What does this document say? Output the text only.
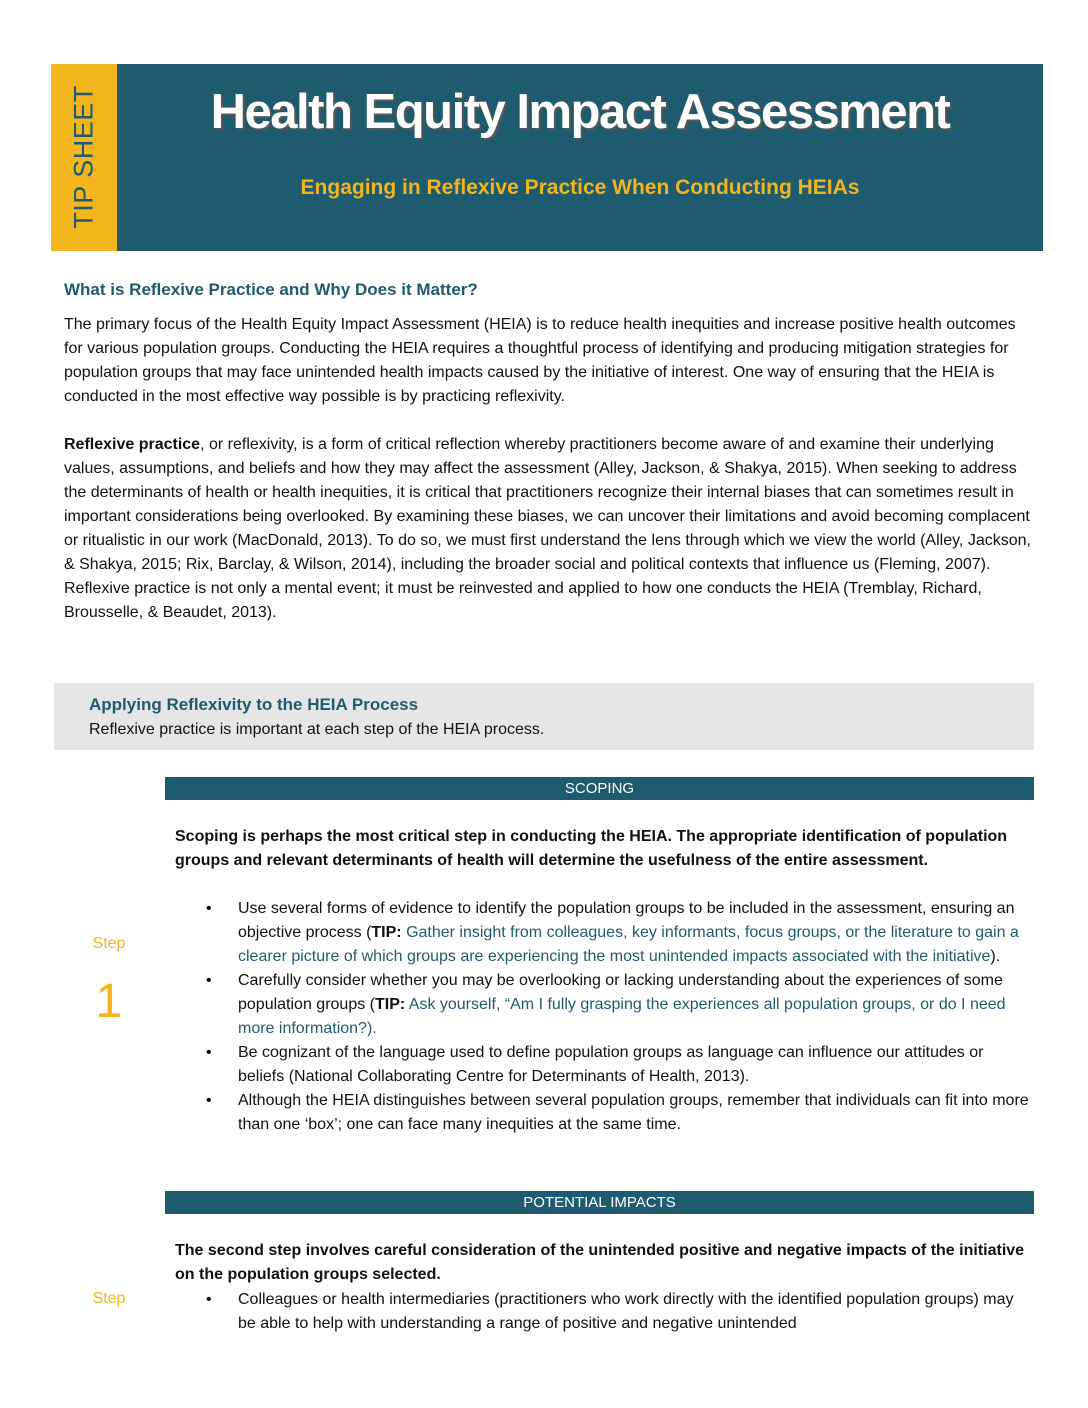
TIP SHEET	Health Equity Impact Assessment
Engaging in Reflexive Practice When Conducting HEIAs
What is Reflexive Practice and Why Does it Matter?

The primary focus of the Health Equity Impact Assessment (HEIA) is to reduce health inequities and increase positive health outcomes for various population groups. Conducting the HEIA requires a thoughtful process of identifying and producing mitigation strategies for population groups that may face unintended health impacts caused by the initiative of interest. One way of ensuring that the HEIA is conducted in the most effective way possible is by practicing reflexivity.

Reflexive practice, or reflexivity, is a form of critical reflection whereby practitioners become aware of and examine their underlying values, assumptions, and beliefs and how they may affect the assessment (Alley, Jackson, & Shakya, 2015). When seeking to address the determinants of health or health inequities, it is critical that practitioners recognize their internal biases that can sometimes result in important considerations being overlooked. By examining these biases, we can uncover their limitations and avoid becoming complacent or ritualistic in our work (MacDonald, 2013). To do so, we must first understand the lens through which we view the world (Alley, Jackson, & Shakya, 2015; Rix, Barclay, & Wilson, 2014), including the broader social and political contexts that influence us (Fleming, 2007). Reflexive practice is not only a mental event; it must be reinvested and applied to how one conducts the HEIA (Tremblay, Richard, Brousselle, & Beaudet, 2013).

Applying Reflexivity to the HEIA Process
Reflexive practice is important at each step of the HEIA process.
SCOPING
Step
1
Scoping is perhaps the most critical step in conducting the HEIA. The appropriate identification of population groups and relevant determinants of health will determine the usefulness of the entire assessment.
• Use several forms of evidence to identify the population groups to be included in the assessment, ensuring an objective process (TIP: Gather insight from colleagues, key informants, focus groups, or the literature to gain a clearer picture of which groups are experiencing the most unintended impacts associated with the initiative).
• Carefully consider whether you may be overlooking or lacking understanding about the experiences of some population groups (TIP: Ask yourself, “Am I fully grasping the experiences all population groups, or do I need more information?).
• Be cognizant of the language used to define population groups as language can influence our attitudes or beliefs (National Collaborating Centre for Determinants of Health, 2013).
• Although the HEIA distinguishes between several population groups, remember that individuals can fit into more than one ‘box’; one can face many inequities at the same time.
POTENTIAL IMPACTS
Step
The second step involves careful consideration of the unintended positive and negative impacts of the initiative on the population groups selected.
• Colleagues or health intermediaries (practitioners who work directly with the identified population groups) may be able to help with understanding a range of positive and negative unintended
